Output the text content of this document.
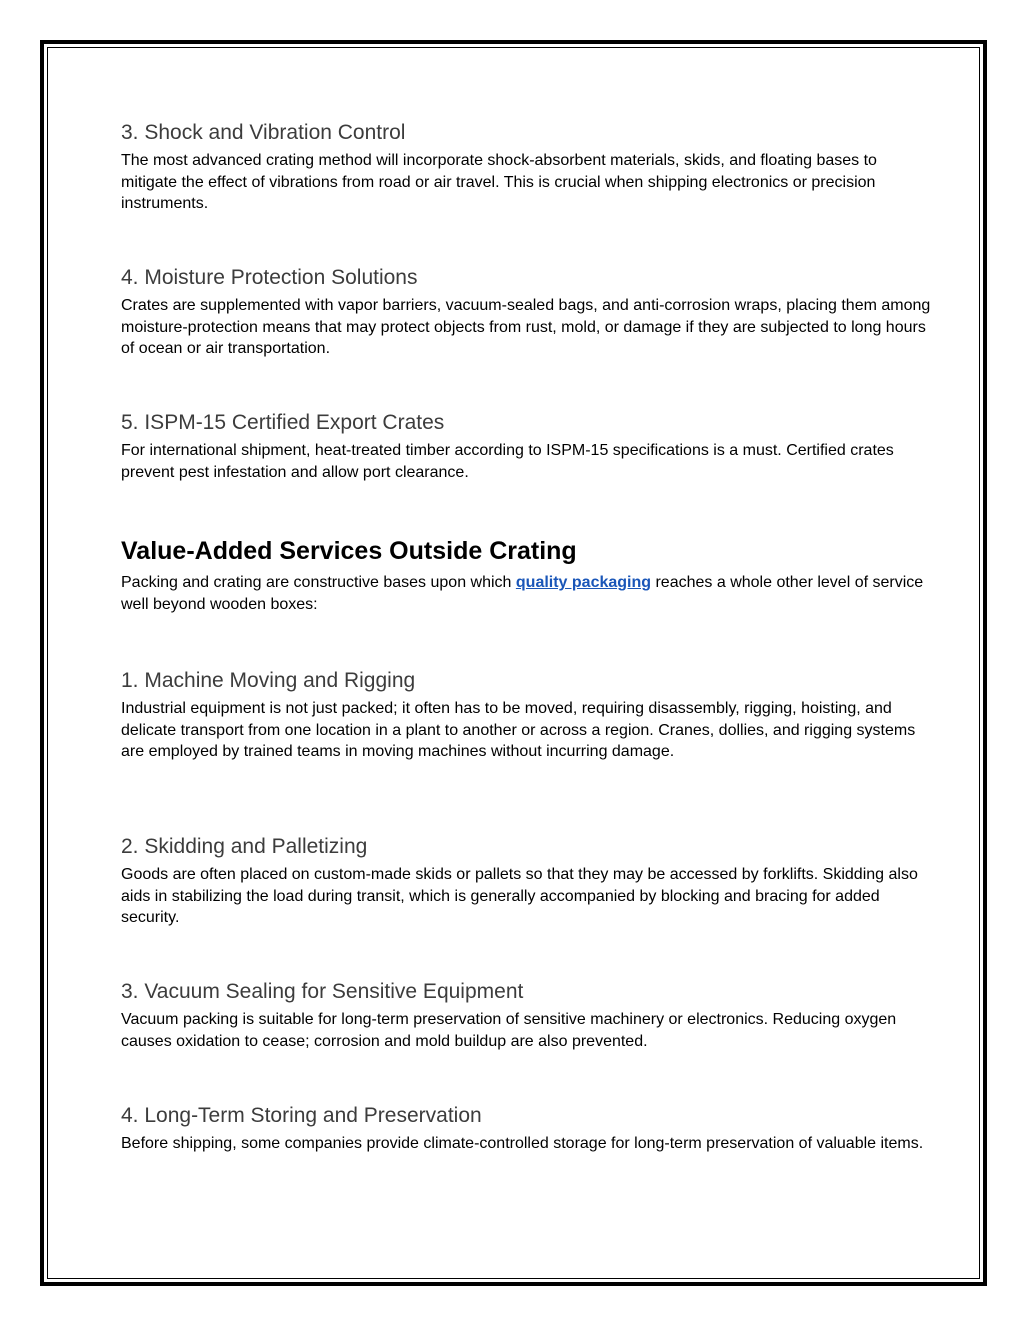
3. Shock and Vibration Control

The most advanced crating method will incorporate shock-absorbent materials, skids, and floating bases to mitigate the effect of vibrations from road or air travel. This is crucial when shipping electronics or precision instruments.

4. Moisture Protection Solutions

Crates are supplemented with vapor barriers, vacuum-sealed bags, and anti-corrosion wraps, placing them among moisture-protection means that may protect objects from rust, mold, or damage if they are subjected to long hours of ocean or air transportation.

5. ISPM-15 Certified Export Crates

For international shipment, heat-treated timber according to ISPM-15 specifications is a must. Certified crates prevent pest infestation and allow port clearance.

Value-Added Services Outside Crating

Packing and crating are constructive bases upon which quality packaging reaches a whole other level of service well beyond wooden boxes:

1. Machine Moving and Rigging

Industrial equipment is not just packed; it often has to be moved, requiring disassembly, rigging, hoisting, and delicate transport from one location in a plant to another or across a region. Cranes, dollies, and rigging systems are employed by trained teams in moving machines without incurring damage.

2. Skidding and Palletizing

Goods are often placed on custom-made skids or pallets so that they may be accessed by forklifts. Skidding also aids in stabilizing the load during transit, which is generally accompanied by blocking and bracing for added security.

3. Vacuum Sealing for Sensitive Equipment

Vacuum packing is suitable for long-term preservation of sensitive machinery or electronics. Reducing oxygen causes oxidation to cease; corrosion and mold buildup are also prevented.

4. Long-Term Storing and Preservation

Before shipping, some companies provide climate-controlled storage for long-term preservation of valuable items.
